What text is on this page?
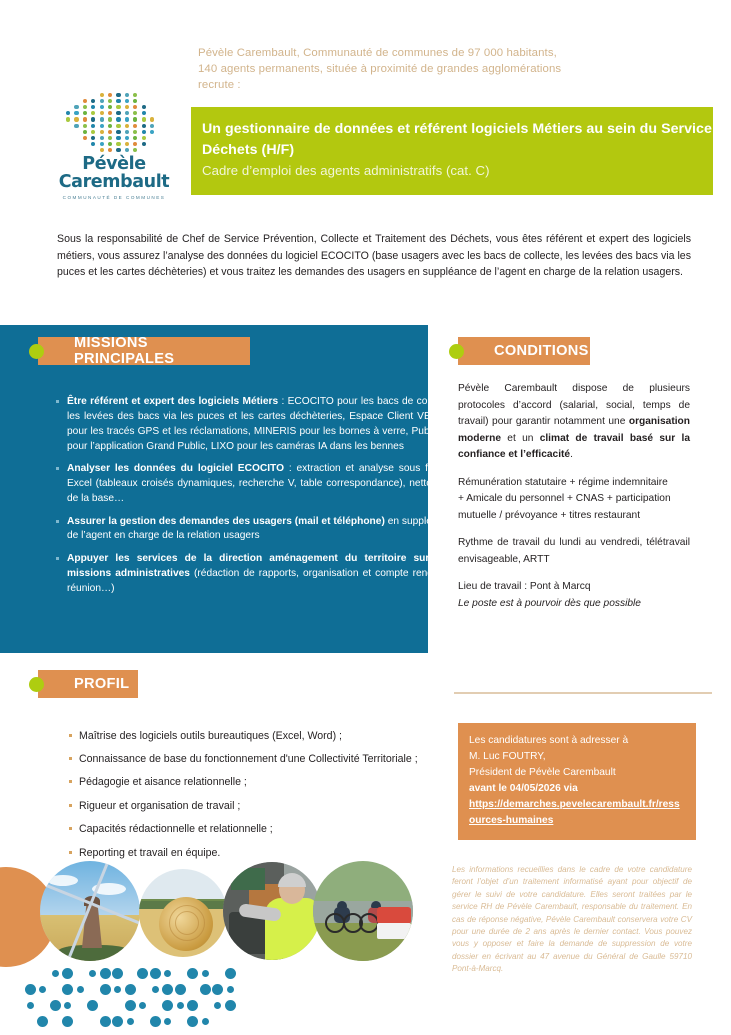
Pévèle Carembault, Communauté de communes de 97 000 habitants,
140 agents permanents, située à proximité de grandes agglomérations
recrute :
Pévèle
Carembault
COMMUNAUTÉ DE COMMUNES
Un gestionnaire de données et référent logiciels Métiers au sein du Service Déchets (H/F)
Cadre d’emploi des agents administratifs (cat. C)
Sous la responsabilité de Chef de Service Prévention, Collecte et Traitement des Déchets, vous êtes référent et expert des logiciels métiers, vous assurez l’analyse des données du logiciel ECOCITO (base usagers avec les bacs de collecte, les levées des bacs via les puces et les cartes déchèteries) et vous traitez les demandes des usagers en suppléance de l’agent en charge de la relation usagers.
MISSIONS PRINCIPALES
Être référent et expert des logiciels Métiers : ECOCITO pour les bacs de collecte, les levées des bacs via les puces et les cartes déchèteries, Espace Client VEOLIA pour les tracés GPS et les réclamations, MINERIS pour les bornes à verre, Publidata pour l’application Grand Public, LIXO pour les caméras IA dans les bennes
Analyser les données du logiciel ECOCITO : extraction et analyse sous format Excel (tableaux croisés dynamiques, recherche V, table correspondance), nettoyage de la base…
Assurer la gestion des demandes des usagers (mail et téléphone) en suppléance de l’agent en charge de la relation usagers
Appuyer les services de la direction aménagement du territoire sur des missions administratives (rédaction de rapports, organisation et compte rendu de réunion…)
CONDITIONS

Pévèle Carembault dispose de plusieurs protocoles d’accord (salarial, social, temps de travail) pour garantir notamment une organisation moderne et un climat de travail basé sur la confiance et l’efficacité.

Rémunération statutaire + régime indemnitaire

+ Amicale du personnel + CNAS + participation

mutuelle / prévoyance + titres restaurant

Rythme de travail du lundi au vendredi, télétravail envisageable, ARTT

Lieu de travail : Pont à Marcq

Le poste est à pourvoir dès que possible

PROFIL
Maîtrise des logiciels outils bureautiques (Excel, Word) ;
Connaissance de base du fonctionnement d'une Collectivité Territoriale ;
Pédagogie et aisance relationnelle ;
Rigueur et organisation de travail ;
Capacités rédactionnelle et relationnelle ;
Reporting et travail en équipe.
Les candidatures sont à adresser à
M. Luc FOUTRY,
Président de Pévèle Carembault
avant le 04/05/2026 via
https://demarches.pevelecarembault.fr/ressources-humaines
Les informations recueillies dans le cadre de votre candidature feront l’objet d’un traitement informatisé ayant pour objectif de gérer le suivi de votre candidature. Elles seront traitées par le service RH de Pévèle Carembault, responsable du traitement. En cas de réponse négative, Pévèle Carembault conservera votre CV pour une durée de 2 ans après le dernier contact. Vous pouvez vous y opposer et faire la demande de suppression de votre dossier en écrivant au 47 avenue du Général de Gaulle 59710 Pont-à-Marcq.
